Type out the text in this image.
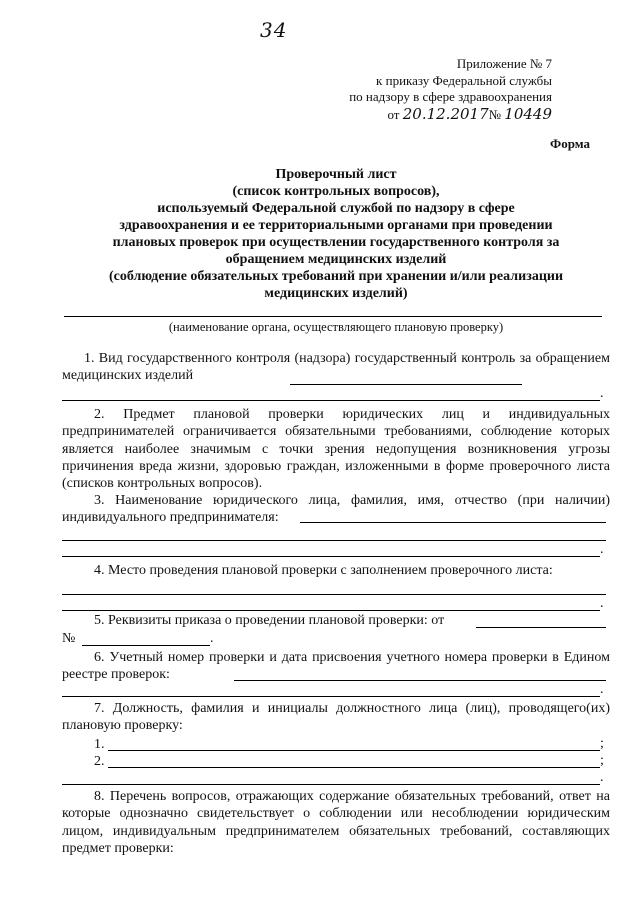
34
Приложение № 7
к приказу Федеральной службы
по надзору в сфере здравоохранения
от 20.12.2017№ 10449
Форма
Проверочный лист
(список контрольных вопросов),
используемый Федеральной службой по надзору в сфере
здравоохранения и ее территориальными органами при проведении
плановых проверок при осуществлении государственного контроля за
обращением медицинских изделий
(соблюдение обязательных требований при хранении и/или реализации
медицинских изделий)
(наименование органа, осуществляющего плановую проверку)
1. Вид государственного контроля (надзора) государственный контроль за обращением медицинских изделий
.
2. Предмет плановой проверки юридических лиц и индивидуальных предпринимателей ограничивается обязательными требованиями, соблюдение которых является наиболее значимым с точки зрения недопущения возникновения угрозы причинения вреда жизни, здоровью граждан, изложенными в форме проверочного листа (списков контрольных вопросов).
3. Наименование юридического лица, фамилия, имя, отчество (при наличии) индивидуального предпринимателя:
.
4. Место проведения плановой проверки с заполнением проверочного листа:
.
5. Реквизиты приказа о проведении плановой проверки: от
№	.
6. Учетный номер проверки и дата присвоения учетного номера проверки в Едином реестре проверок:
.
7. Должность, фамилия и инициалы должностного лица (лиц), проводящего(их) плановую проверку:
1.	;
2.	;
.
8. Перечень вопросов, отражающих содержание обязательных требований, ответ на которые однозначно свидетельствует о соблюдении или несоблюдении юридическим лицом, индивидуальным предпринимателем обязательных требований, составляющих предмет проверки:
